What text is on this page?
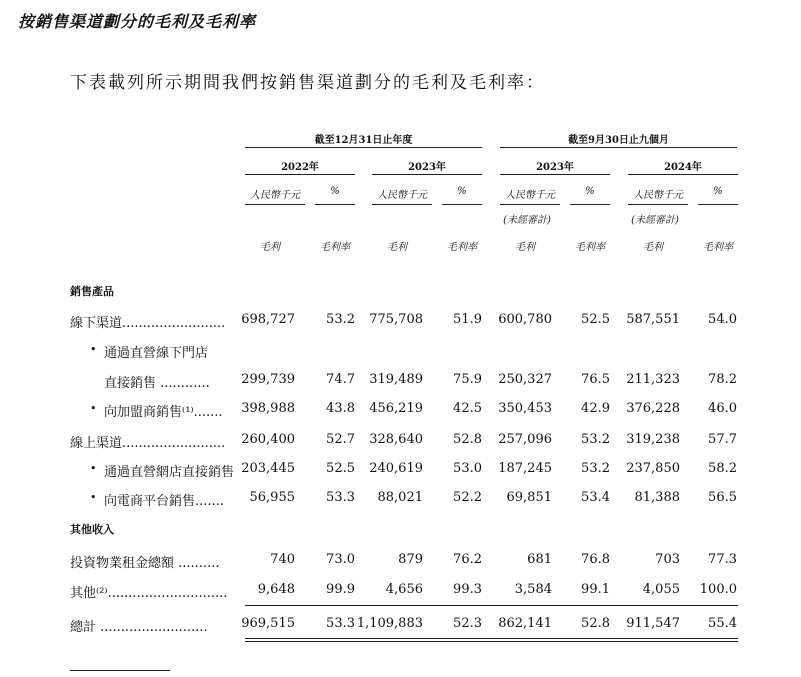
按銷售渠道劃分的毛利及毛利率
下表載列所示期間我們按銷售渠道劃分的毛利及毛利率：
截至12月31日止年度	截至9月30日止九個月
2022年	2023年	2023年	2024年
人民幣千元	%	人民幣千元	%	人民幣千元	%	人民幣千元	%
(未經審計)	(未經審計)
毛利	毛利率	毛利	毛利率	毛利	毛利率	毛利	毛利率
銷售產品
線下渠道.........................	698,727	53.2	775,708	51.9	600,780	52.5	587,551	54.0
• 通過直營線下門店
直接銷售 ............	299,739	74.7	319,489	75.9	250,327	76.5	211,323	78.2
• 向加盟商銷售⁽¹⁾.......	398,988	43.8	456,219	42.5	350,453	42.9	376,228	46.0
線上渠道.........................	260,400	52.7	328,640	52.8	257,096	53.2	319,238	57.7
• 通過直營網店直接銷售 203,445	52.5	240,619	53.0	187,245	53.2	237,850	58.2
• 向電商平台銷售.......	56,955	53.3	88,021	52.2	69,851	53.4	81,388	56.5
其他收入
投資物業租金總額 ..........	740	73.0	879	76.2	681	76.8	703	77.3
其他⁽²⁾.............................	9,648	99.9	4,656	99.3	3,584	99.1	4,055	100.0
總計 ..........................	969,515	53.3 1,109,883	52.3	862,141	52.8	911,547	55.4
